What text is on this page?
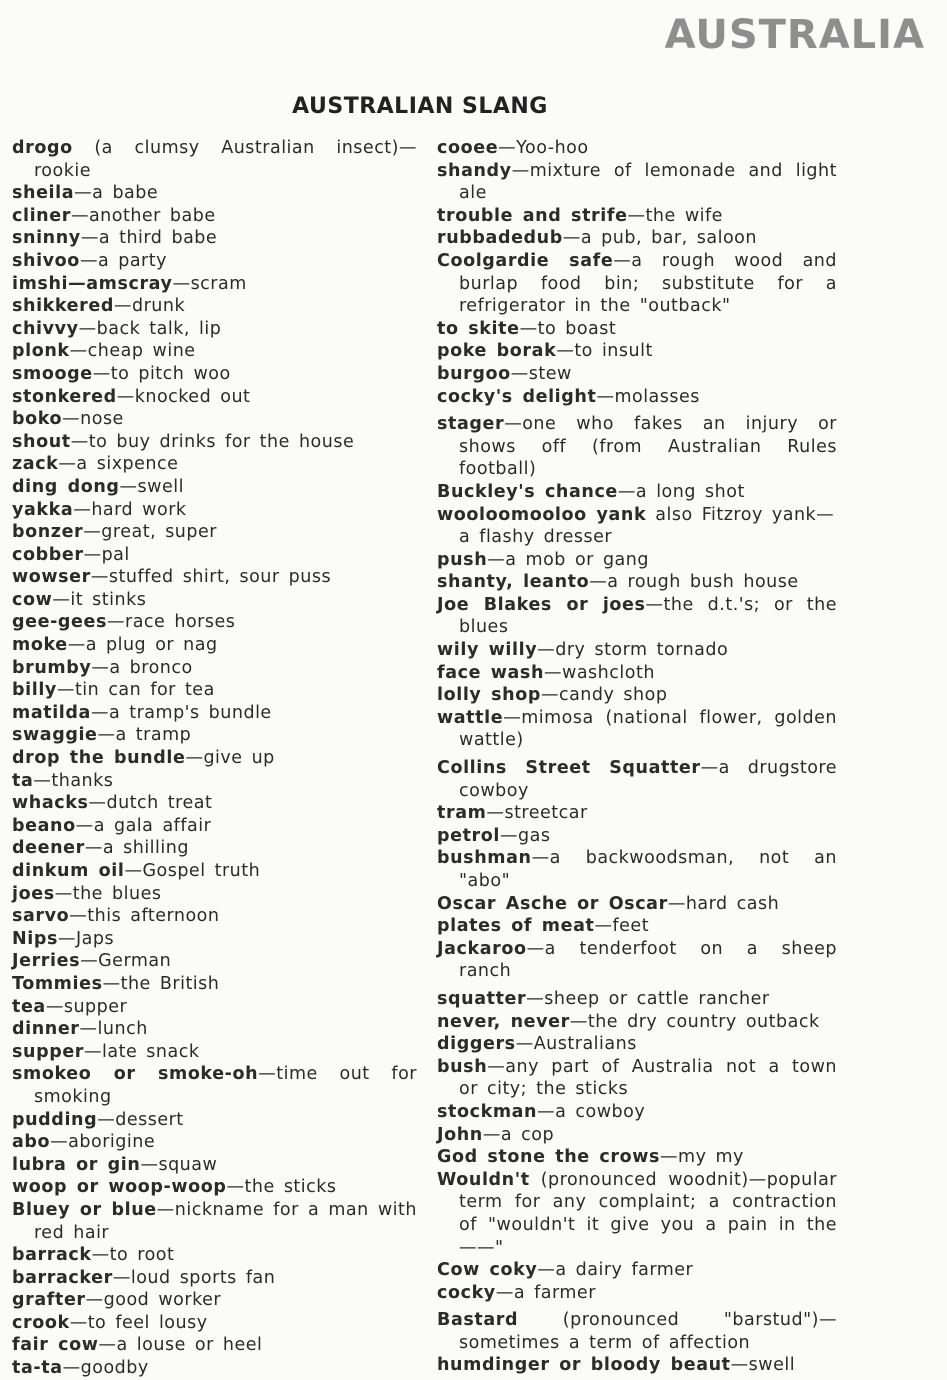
AUSTRALIA
AUSTRALIAN SLANG
drogo (a clumsy Australian insect)—rookie
sheila—a babe
cliner—another babe
sninny—a third babe
shivoo—a party
imshi—amscray—scram
shikkered—drunk
chivvy—back talk, lip
plonk—cheap wine
smooge—to pitch woo
stonkered—knocked out
boko—nose
shout—to buy drinks for the house
zack—a sixpence
ding dong—swell
yakka—hard work
bonzer—great, super
cobber—pal
wowser—stuffed shirt, sour puss
cow—it stinks
gee-gees—race horses
moke—a plug or nag
brumby—a bronco
billy—tin can for tea
matilda—a tramp's bundle
swaggie—a tramp
drop the bundle—give up
ta—thanks
whacks—dutch treat
beano—a gala affair
deener—a shilling
dinkum oil—Gospel truth
joes—the blues
sarvo—this afternoon
Nips—Japs
Jerries—German
Tommies—the British
tea—supper
dinner—lunch
supper—late snack
smokeo or smoke-oh—time out for smoking
pudding—dessert
abo—aborigine
lubra or gin—squaw
woop or woop-woop—the sticks
Bluey or blue—nickname for a man with red hair
barrack—to root
barracker—loud sports fan
grafter—good worker
crook—to feel lousy
fair cow—a louse or heel
ta-ta—goodby
cooee—Yoo-hoo
shandy—mixture of lemonade and light ale
trouble and strife—the wife
rubbadedub—a pub, bar, saloon
Coolgardie safe—a rough wood and burlap food bin; substitute for a refrigerator in the "outback"
to skite—to boast
poke borak—to insult
burgoo—stew
cocky's delight—molasses
stager—one who fakes an injury or shows off (from Australian Rules football)
Buckley's chance—a long shot
wooloomooloo yank also Fitzroy yank—a flashy dresser
push—a mob or gang
shanty, leanto—a rough bush house
Joe Blakes or joes—the d.t.'s; or the blues
wily willy—dry storm tornado
face wash—washcloth
lolly shop—candy shop
wattle—mimosa (national flower, golden wattle)
Collins Street Squatter—a drugstore cowboy
tram—streetcar
petrol—gas
bushman—a backwoodsman, not an "abo"
Oscar Asche or Oscar—hard cash
plates of meat—feet
Jackaroo—a tenderfoot on a sheep ranch
squatter—sheep or cattle rancher
never, never—the dry country outback
diggers—Australians
bush—any part of Australia not a town or city; the sticks
stockman—a cowboy
John—a cop
God stone the crows—my my
Wouldn't (pronounced woodnit)—popular term for any complaint; a contraction of "wouldn't it give you a pain in the ——"
Cow coky—a dairy farmer
cocky—a farmer
Bastard (pronounced "barstud")—sometimes a term of affection
humdinger or bloody beaut—swell
